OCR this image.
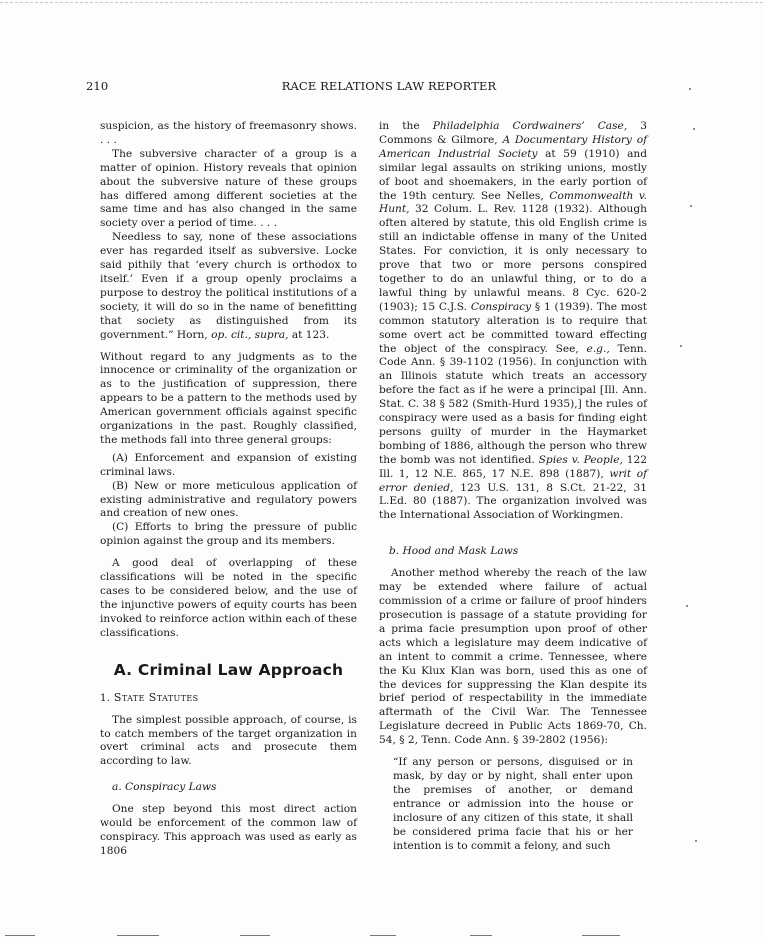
210	RACE RELATIONS LAW REPORTER

suspicion, as the history of freemasonry shows. . . .

The subversive character of a group is a matter of opinion. History reveals that opinion about the subversive nature of these groups has differed among different societies at the same time and has also changed in the same society over a period of time. . . .

Needless to say, none of these associations ever has regarded itself as subversive. Locke said pithily that ‘every church is orthodox to itself.’ Even if a group openly proclaims a purpose to destroy the political institutions of a society, it will do so in the name of benefitting that society as distinguished from its government.” Horn, op. cit., supra, at 123.

Without regard to any judgments as to the innocence or criminality of the organization or as to the justification of suppression, there appears to be a pattern to the methods used by American government officials against specific organizations in the past. Roughly classified, the methods fall into three general groups:

(A) Enforcement and expansion of existing criminal laws.

(B) New or more meticulous application of existing administrative and regulatory powers and creation of new ones.

(C) Efforts to bring the pressure of public opinion against the group and its members.

A good deal of overlapping of these classifications will be noted in the specific cases to be considered below, and the use of the injunctive powers of equity courts has been invoked to reinforce action within each of these classifications.

A. Criminal Law Approach
1. State Statutes

The simplest possible approach, of course, is to catch members of the target organization in overt criminal acts and prosecute them according to law.

a. Conspiracy Laws

One step beyond this most direct action would be enforcement of the common law of conspiracy. This approach was used as early as 1806

in the Philadelphia Cordwainers’ Case, 3 Commons & Gilmore, A Documentary History of American Industrial Society at 59 (1910) and similar legal assaults on striking unions, mostly of boot and shoemakers, in the early portion of the 19th century. See Nelles, Commonwealth v. Hunt, 32 Colum. L. Rev. 1128 (1932). Although often altered by statute, this old English crime is still an indictable offense in many of the United States. For conviction, it is only necessary to prove that two or more persons conspired together to do an unlawful thing, or to do a lawful thing by unlawful means. 8 Cyc. 620-2 (1903); 15 C.J.S. Conspiracy § 1 (1939). The most common statutory alteration is to require that some overt act be committed toward effecting the object of the conspiracy. See, e.g., Tenn. Code Ann. § 39-1102 (1956). In conjunction with an Illinois statute which treats an accessory before the fact as if he were a principal [Ill. Ann. Stat. C. 38 § 582 (Smith-Hurd 1935),] the rules of conspiracy were used as a basis for finding eight persons guilty of murder in the Haymarket bombing of 1886, although the person who threw the bomb was not identified. Spies v. People, 122 Ill. 1, 12 N.E. 865, 17 N.E. 898 (1887), writ of error denied, 123 U.S. 131, 8 S.Ct. 21-22, 31 L.Ed. 80 (1887). The organization involved was the International Association of Workingmen.

b. Hood and Mask Laws

Another method whereby the reach of the law may be extended where failure of actual commission of a crime or failure of proof hinders prosecution is passage of a statute providing for a prima facie presumption upon proof of other acts which a legislature may deem indicative of an intent to commit a crime. Tennessee, where the Ku Klux Klan was born, used this as one of the devices for suppressing the Klan despite its brief period of respectability in the immediate aftermath of the Civil War. The Tennessee Legislature decreed in Public Acts 1869-70, Ch. 54, § 2, Tenn. Code Ann. § 39-2802 (1956):

“If any person or persons, disguised or in mask, by day or by night, shall enter upon the premises of another, or demand entrance or admission into the house or inclosure of any citizen of this state, it shall be considered prima facie that his or her intention is to commit a felony, and such
